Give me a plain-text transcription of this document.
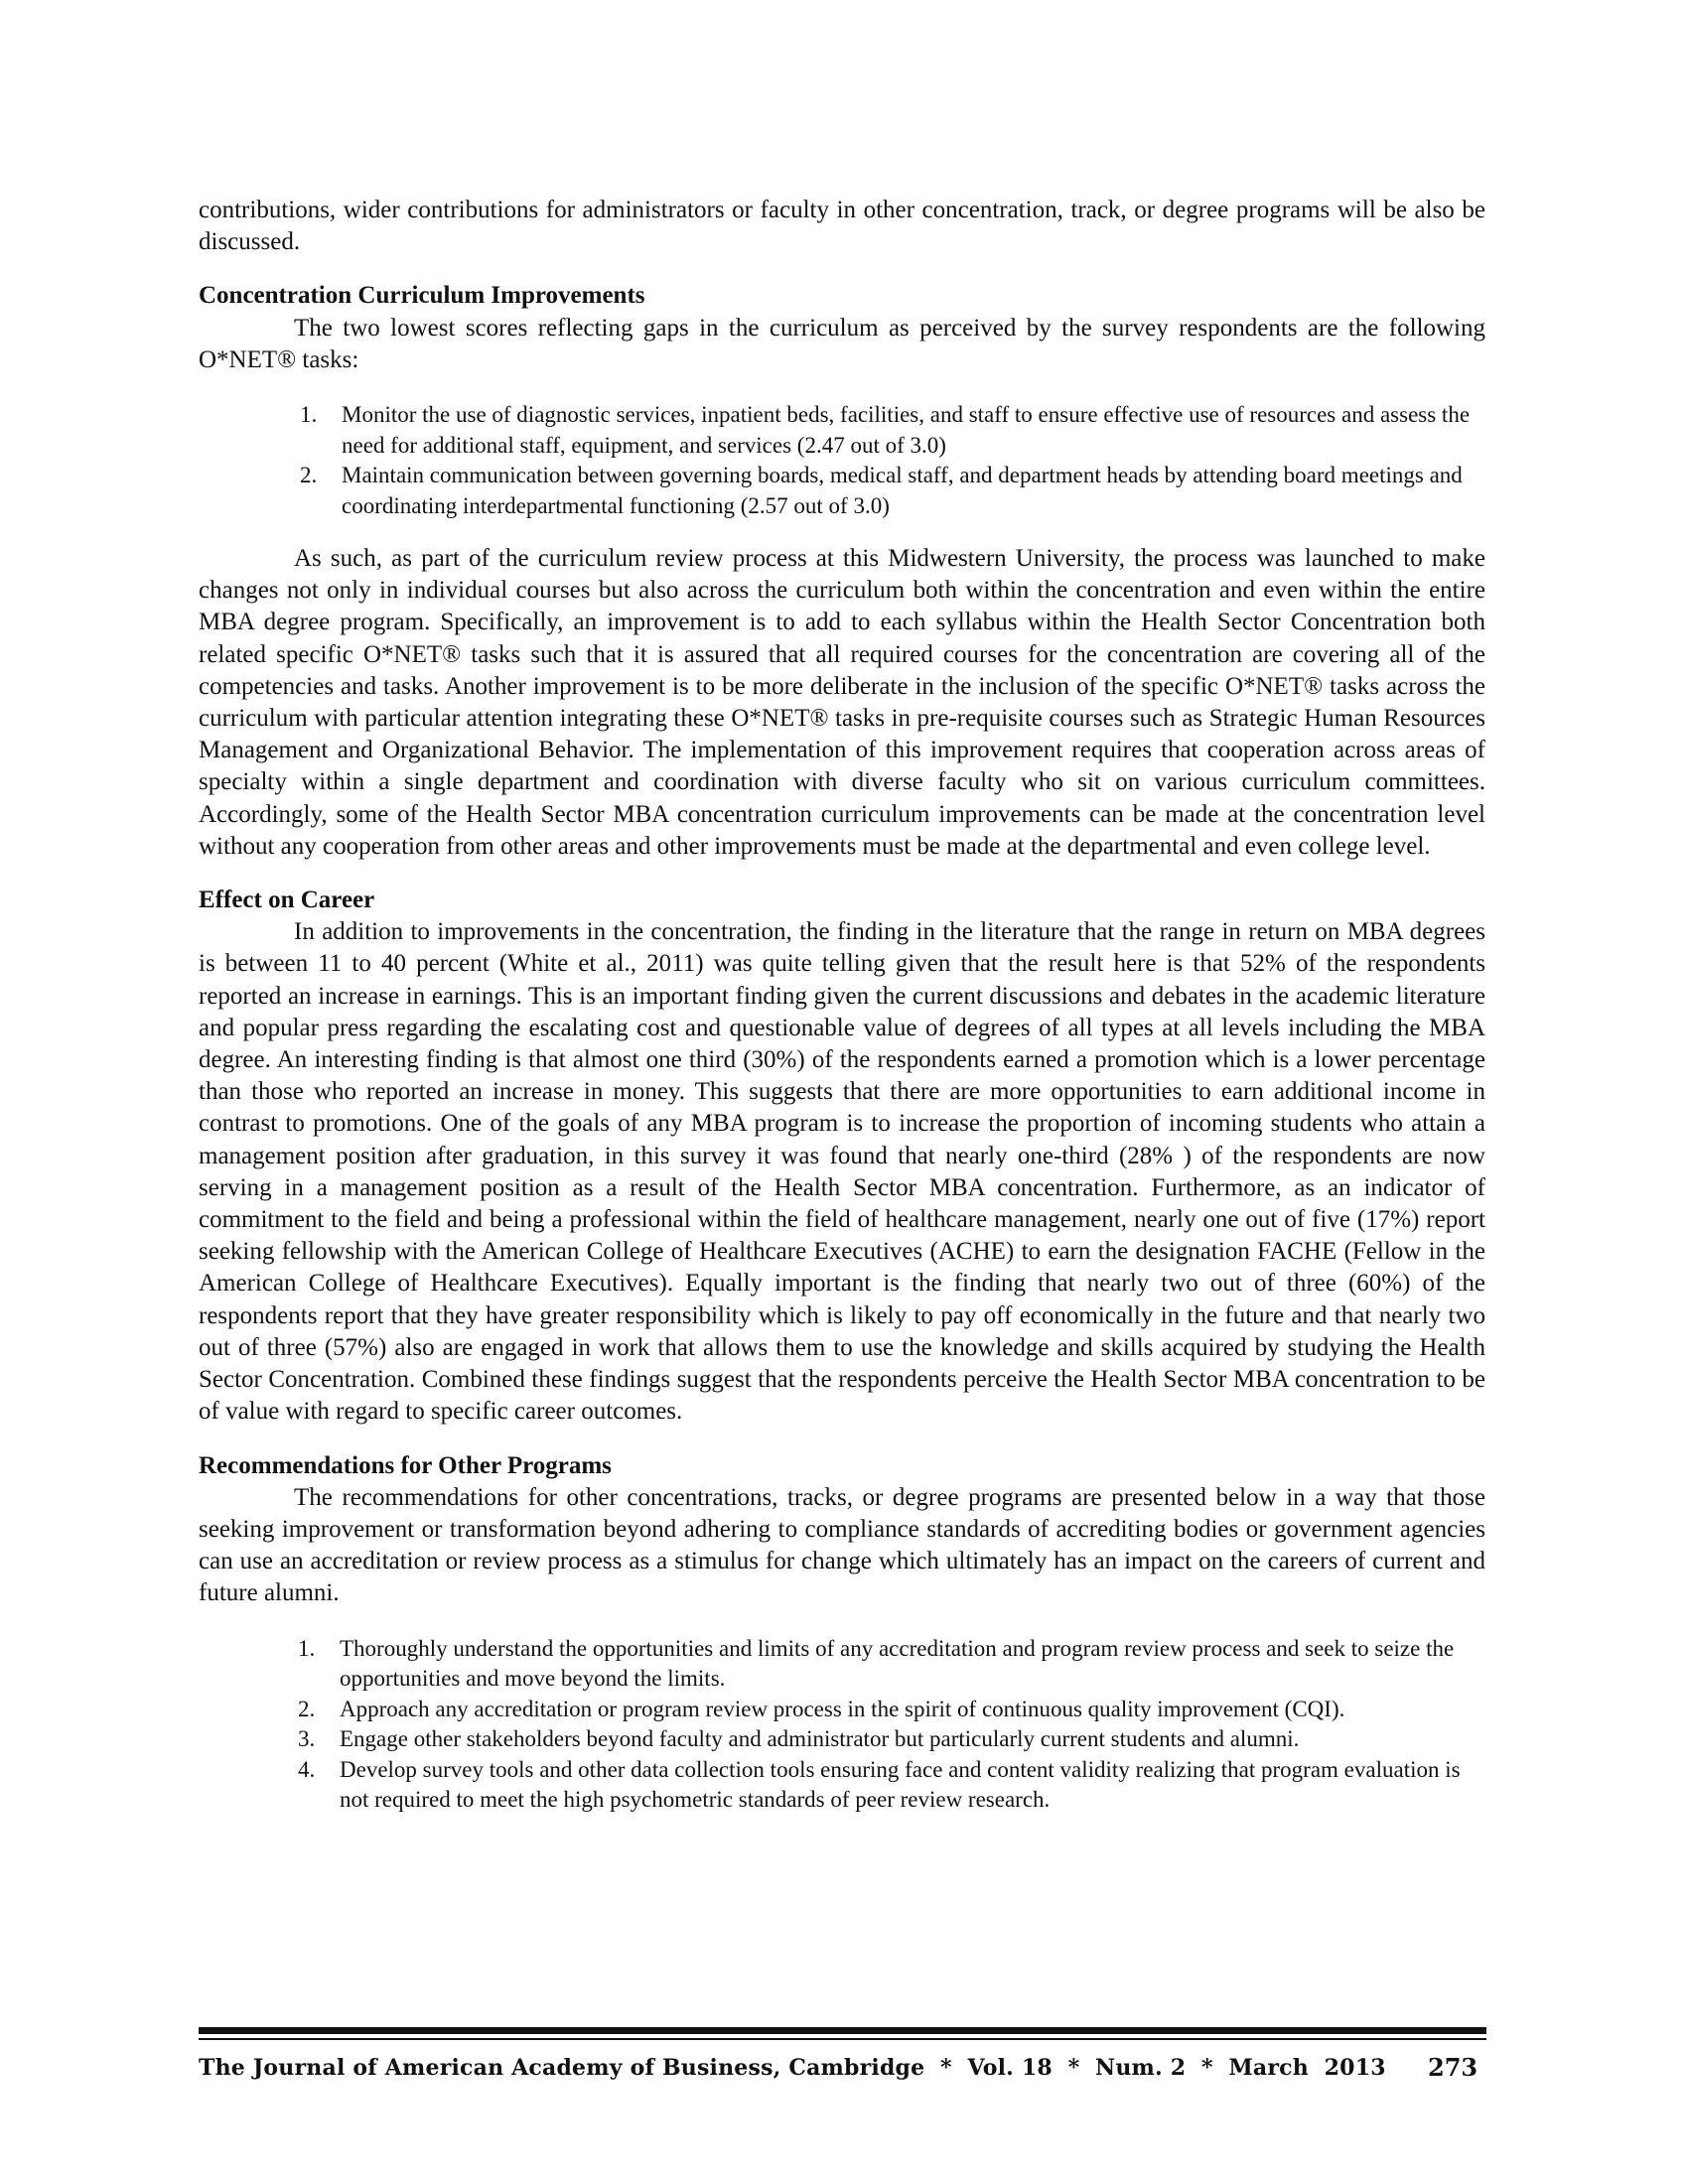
contributions, wider contributions for administrators or faculty in other concentration, track, or degree programs will be also be discussed.

Concentration Curriculum Improvements

The two lowest scores reflecting gaps in the curriculum as perceived by the survey respondents are the following O*NET® tasks:

1. Monitor the use of diagnostic services, inpatient beds, facilities, and staff to ensure effective use of resources and assess the need for additional staff, equipment, and services (2.47 out of 3.0)
2. Maintain communication between governing boards, medical staff, and department heads by attending board meetings and coordinating interdepartmental functioning (2.57 out of 3.0)

As such, as part of the curriculum review process at this Midwestern University, the process was launched to make changes not only in individual courses but also across the curriculum both within the concentration and even within the entire MBA degree program. Specifically, an improvement is to add to each syllabus within the Health Sector Concentration both related specific O*NET® tasks such that it is assured that all required courses for the concentration are covering all of the competencies and tasks. Another improvement is to be more deliberate in the inclusion of the specific O*NET® tasks across the curriculum with particular attention integrating these O*NET® tasks in pre-requisite courses such as Strategic Human Resources Management and Organizational Behavior. The implementation of this improvement requires that cooperation across areas of specialty within a single department and coordination with diverse faculty who sit on various curriculum committees. Accordingly, some of the Health Sector MBA concentration curriculum improvements can be made at the concentration level without any cooperation from other areas and other improvements must be made at the departmental and even college level.

Effect on Career

In addition to improvements in the concentration, the finding in the literature that the range in return on MBA degrees is between 11 to 40 percent (White et al., 2011) was quite telling given that the result here is that 52% of the respondents reported an increase in earnings. This is an important finding given the current discussions and debates in the academic literature and popular press regarding the escalating cost and questionable value of degrees of all types at all levels including the MBA degree. An interesting finding is that almost one third (30%) of the respondents earned a promotion which is a lower percentage than those who reported an increase in money. This suggests that there are more opportunities to earn additional income in contrast to promotions. One of the goals of any MBA program is to increase the proportion of incoming students who attain a management position after graduation, in this survey it was found that nearly one-third (28% ) of the respondents are now serving in a management position as a result of the Health Sector MBA concentration. Furthermore, as an indicator of commitment to the field and being a professional within the field of healthcare management, nearly one out of five (17%) report seeking fellowship with the American College of Healthcare Executives (ACHE) to earn the designation FACHE (Fellow in the American College of Healthcare Executives). Equally important is the finding that nearly two out of three (60%) of the respondents report that they have greater responsibility which is likely to pay off economically in the future and that nearly two out of three (57%) also are engaged in work that allows them to use the knowledge and skills acquired by studying the Health Sector Concentration. Combined these findings suggest that the respondents perceive the Health Sector MBA concentration to be of value with regard to specific career outcomes.

Recommendations for Other Programs

The recommendations for other concentrations, tracks, or degree programs are presented below in a way that those seeking improvement or transformation beyond adhering to compliance standards of accrediting bodies or government agencies can use an accreditation or review process as a stimulus for change which ultimately has an impact on the careers of current and future alumni.

1. Thoroughly understand the opportunities and limits of any accreditation and program review process and seek to seize the opportunities and move beyond the limits.
2. Approach any accreditation or program review process in the spirit of continuous quality improvement (CQI).
3. Engage other stakeholders beyond faculty and administrator but particularly current students and alumni.
4. Develop survey tools and other data collection tools ensuring face and content validity realizing that program evaluation is not required to meet the high psychometric standards of peer review research.
The Journal of American Academy of Business, Cambridge  *  Vol. 18  *  Num. 2  *  March  2013 273
